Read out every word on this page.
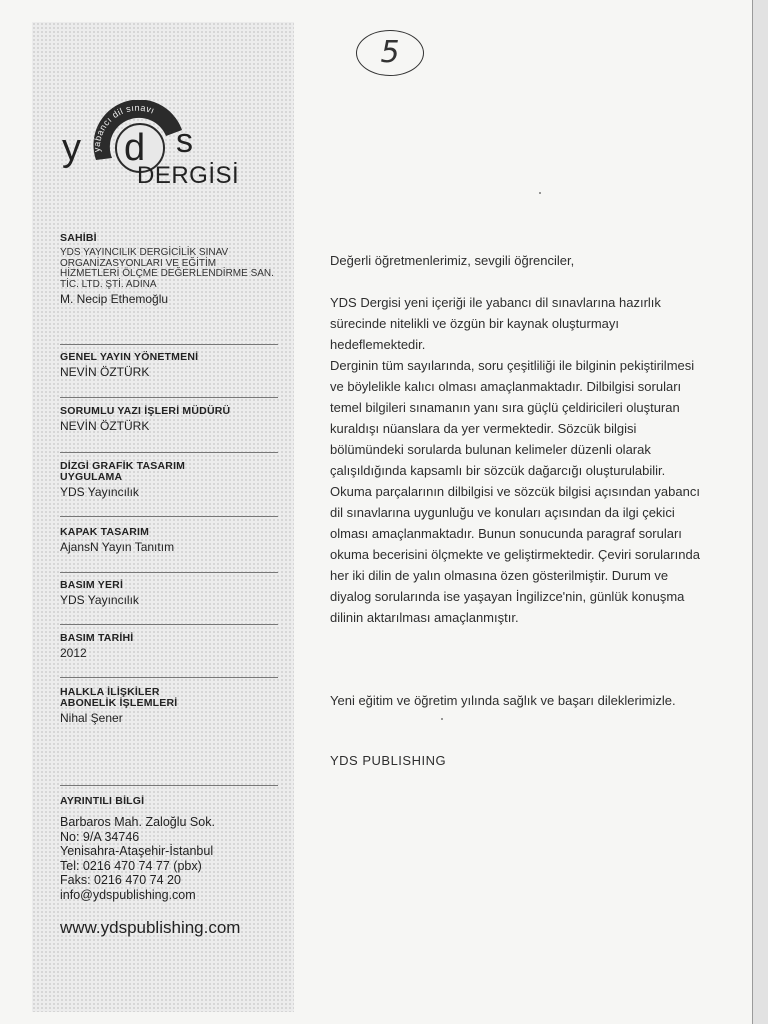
5
yabancı dil sınavı
y d s
DERGİSİ
SAHİBİ
YDS YAYINCILIK DERGİCİLİK SINAV ORGANİZASYONLARI VE EĞİTİM HİZMETLERİ ÖLÇME DEĞERLENDİRME SAN. TİC. LTD. ŞTİ. ADINA
M. Necip Ethemoğlu
GENEL YAYIN YÖNETMENİ
NEVİN ÖZTÜRK
SORUMLU YAZI İŞLERİ MÜDÜRÜ
NEVİN ÖZTÜRK
DİZGİ GRAFİK TASARIM UYGULAMA
YDS Yayıncılık
KAPAK TASARIM
AjansN Yayın Tanıtım
BASIM YERİ
YDS Yayıncılık
BASIM TARİHİ
2012
HALKLA İLİŞKİLER ABONELİK İŞLEMLERİ
Nihal Şener
AYRINTILI BİLGİ
Barbaros Mah. Zaloğlu Sok.
No: 9/A 34746
Yenisahra-Ataşehir-İstanbul
Tel: 0216 470 74 77 (pbx)
Faks: 0216 470 74 20
info@ydspublishing.com
www.ydspublishing.com

Değerli öğretmenlerimiz, sevgili öğrenciler,

YDS Dergisi yeni içeriği ile yabancı dil sınavlarına hazırlık sürecinde nitelikli ve özgün bir kaynak oluşturmayı hedeflemektedir.

Derginin tüm sayılarında, soru çeşitliliği ile bilginin pekiştirilmesi ve böylelikle kalıcı olması amaçlanmaktadır. Dilbilgisi soruları temel bilgileri sınamanın yanı sıra güçlü çeldiricileri oluşturan kuraldışı nüanslara da yer vermektedir. Sözcük bilgisi bölümündeki sorularda bulunan kelimeler düzenli olarak çalışıldığında kapsamlı bir sözcük dağarcığı oluşturulabilir. Okuma parçalarının dilbilgisi ve sözcük bilgisi açısından yabancı dil sınavlarına uygunluğu ve konuları açısından da ilgi çekici olması amaçlanmaktadır. Bunun sonucunda paragraf soruları okuma becerisini ölçmekte ve geliştirmektedir. Çeviri sorularında her iki dilin de yalın olmasına özen gösterilmiştir. Durum ve diyalog sorularında ise yaşayan İngilizce'nin, günlük konuşma dilinin aktarılması amaçlanmıştır.

Yeni eğitim ve öğretim yılında sağlık ve başarı dileklerimizle.

YDS PUBLISHING
